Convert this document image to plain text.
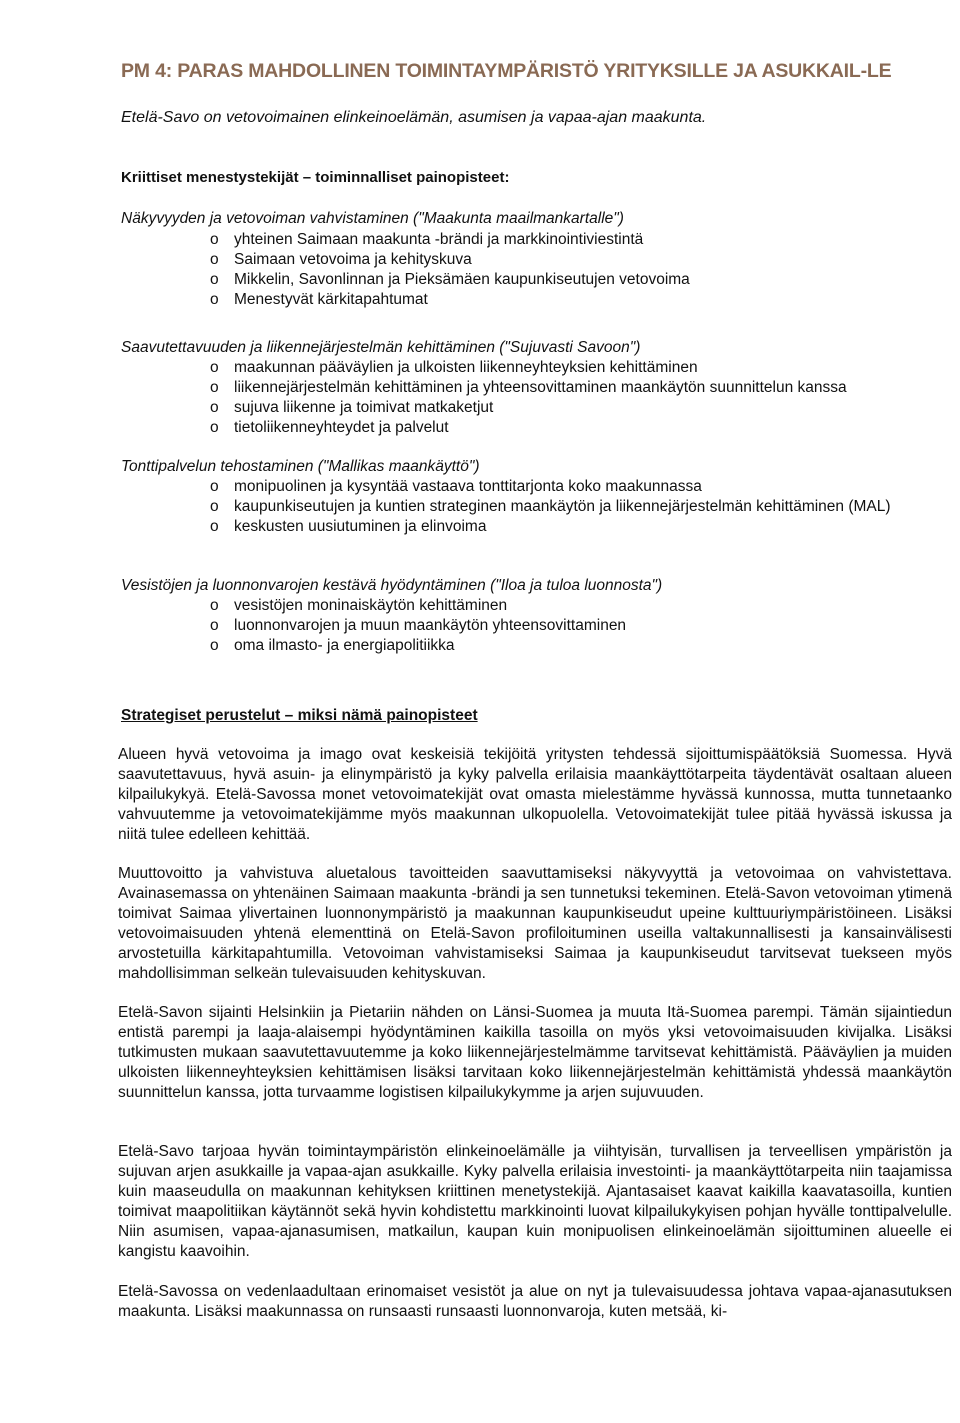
PM 4: PARAS MAHDOLLINEN TOIMINTAYMPÄRISTÖ YRITYKSILLE JA ASUKKAIL-LE
Etelä-Savo on vetovoimainen elinkeinoelämän, asumisen ja vapaa-ajan maakunta.
Kriittiset menestystekijät – toiminnalliset painopisteet:
Näkyvyyden ja vetovoiman vahvistaminen ("Maakunta maailmankartalle")
o yhteinen Saimaan maakunta -brändi ja markkinointiviestintä
o Saimaan vetovoima ja kehityskuva
o Mikkelin, Savonlinnan ja Pieksämäen kaupunkiseutujen vetovoima
o Menestyvät kärkitapahtumat
Saavutettavuuden ja liikennejärjestelmän kehittäminen ("Sujuvasti Savoon")
o maakunnan pääväylien ja ulkoisten liikenneyhteyksien kehittäminen
o liikennejärjestelmän kehittäminen ja yhteensovittaminen maankäytön suunnittelun kanssa
o sujuva liikenne ja toimivat matkaketjut
o tietoliikenneyhteydet ja palvelut
Tonttipalvelun tehostaminen ("Mallikas maankäyttö")
o monipuolinen ja kysyntää vastaava tonttitarjonta koko maakunnassa
o kaupunkiseutujen ja kuntien strateginen maankäytön ja liikennejärjestelmän kehittäminen (MAL)
o keskusten uusiutuminen ja elinvoima
Vesistöjen ja luonnonvarojen kestävä hyödyntäminen ("Iloa ja tuloa luonnosta")
o vesistöjen moninaiskäytön kehittäminen
o luonnonvarojen ja muun maankäytön yhteensovittaminen
o oma ilmasto- ja energiapolitiikka
Strategiset perustelut – miksi nämä painopisteet

Alueen hyvä vetovoima ja imago ovat keskeisiä tekijöitä yritysten tehdessä sijoittumispäätöksiä Suomessa. Hyvä saavutettavuus, hyvä asuin- ja elinympäristö ja kyky palvella erilaisia maankäyttötarpeita täydentävät osaltaan alueen kilpailukykyä. Etelä-Savossa monet vetovoimatekijät ovat omasta mielestämme hyvässä kunnossa, mutta tunnetaanko vahvuutemme ja vetovoimatekijämme myös maakunnan ulkopuolella. Vetovoimatekijät tulee pitää hyvässä iskussa ja niitä tulee edelleen kehittää.

Muuttovoitto ja vahvistuva aluetalous tavoitteiden saavuttamiseksi näkyvyyttä ja vetovoimaa on vahvistettava. Avainasemassa on yhtenäinen Saimaan maakunta -brändi ja sen tunnetuksi tekeminen. Etelä-Savon vetovoiman ytimenä toimivat Saimaa ylivertainen luonnonympäristö ja maakunnan kaupunkiseudut upeine kulttuuriympäristöineen. Lisäksi vetovoimaisuuden yhtenä elementtinä on Etelä-Savon profiloituminen useilla valtakunnallisesti ja kansainvälisesti arvostetuilla kärkitapahtumilla. Vetovoiman vahvistamiseksi Saimaa ja kaupunkiseudut tarvitsevat tuekseen myös mahdollisimman selkeän tulevaisuuden kehityskuvan.

Etelä-Savon sijainti Helsinkiin ja Pietariin nähden on Länsi-Suomea ja muuta Itä-Suomea parempi. Tämän sijaintiedun entistä parempi ja laaja-alaisempi hyödyntäminen kaikilla tasoilla on myös yksi vetovoimaisuuden kivijalka. Lisäksi tutkimusten mukaan saavutettavuutemme ja koko liikennejärjestelmämme tarvitsevat kehittämistä. Pääväylien ja muiden ulkoisten liikenneyhteyksien kehittämisen lisäksi tarvitaan koko liikennejärjestelmän kehittämistä yhdessä maankäytön suunnittelun kanssa, jotta turvaamme logistisen kilpailukykymme ja arjen sujuvuuden.

Etelä-Savo tarjoaa hyvän toimintaympäristön elinkeinoelämälle ja viihtyisän, turvallisen ja terveellisen ympäristön ja sujuvan arjen asukkaille ja vapaa-ajan asukkaille. Kyky palvella erilaisia investointi- ja maankäyttötarpeita niin taajamissa kuin maaseudulla on maakunnan kehityksen kriittinen menetystekijä. Ajantasaiset kaavat kaikilla kaavatasoilla, kuntien toimivat maapolitiikan käytännöt sekä hyvin kohdistettu markkinointi luovat kilpailukykyisen pohjan hyvälle tonttipalvelulle. Niin asumisen, vapaa-ajanasumisen, matkailun, kaupan kuin monipuolisen elinkeinoelämän sijoittuminen alueelle ei kangistu kaavoihin.

Etelä-Savossa on vedenlaadultaan erinomaiset vesistöt ja alue on nyt ja tulevaisuudessa johtava vapaa-ajanasutuksen maakunta. Lisäksi maakunnassa on runsaasti runsaasti luonnonvaroja, kuten metsää, ki-
